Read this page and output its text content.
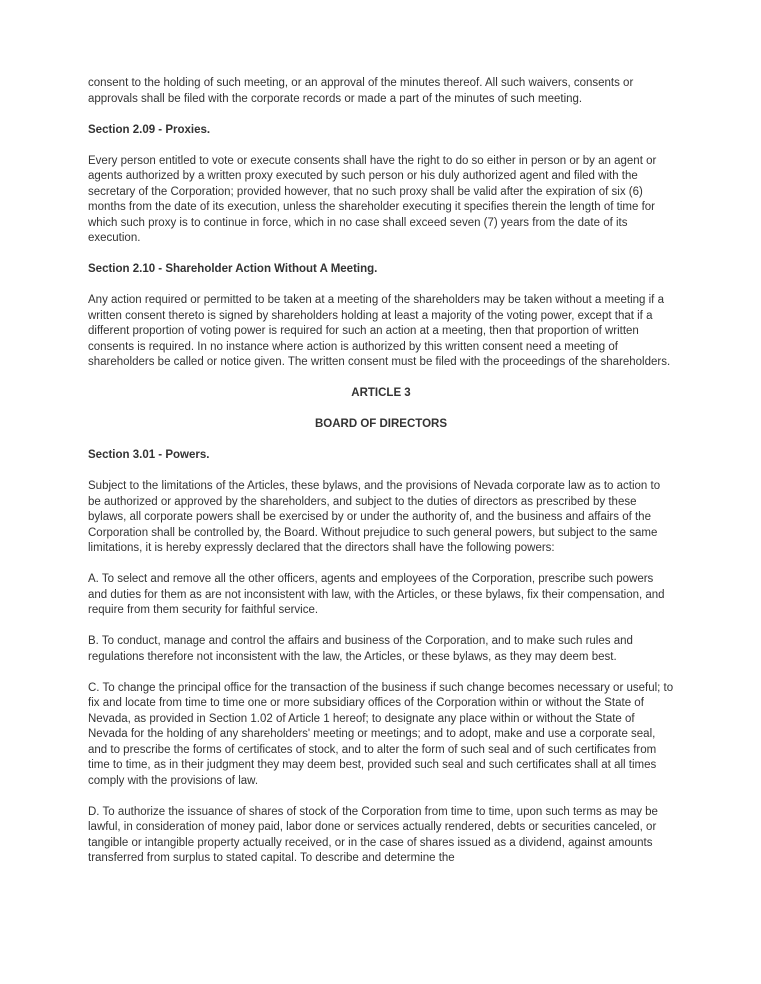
consent to the holding of such meeting, or an approval of the minutes thereof. All such waivers, consents or approvals shall be filed with the corporate records or made a part of the minutes of such meeting.
Section 2.09 - Proxies.
Every person entitled to vote or execute consents shall have the right to do so either in person or by an agent or agents authorized by a written proxy executed by such person or his duly authorized agent and filed with the secretary of the Corporation; provided however, that no such proxy shall be valid after the expiration of six (6) months from the date of its execution, unless the shareholder executing it specifies therein the length of time for which such proxy is to continue in force, which in no case shall exceed seven (7) years from the date of its execution.
Section 2.10 - Shareholder Action Without A Meeting.
Any action required or permitted to be taken at a meeting of the shareholders may be taken without a meeting if a written consent thereto is signed by shareholders holding at least a majority of the voting power, except that if a different proportion of voting power is required for such an action at a meeting, then that proportion of written consents is required. In no instance where action is authorized by this written consent need a meeting of shareholders be called or notice given. The written consent must be filed with the proceedings of the shareholders.
ARTICLE 3
BOARD OF DIRECTORS
Section 3.01 - Powers.
Subject to the limitations of the Articles, these bylaws, and the provisions of Nevada corporate law as to action to be authorized or approved by the shareholders, and subject to the duties of directors as prescribed by these bylaws, all corporate powers shall be exercised by or under the authority of, and the business and affairs of the Corporation shall be controlled by, the Board. Without prejudice to such general powers, but subject to the same limitations, it is hereby expressly declared that the directors shall have the following powers:
A. To select and remove all the other officers, agents and employees of the Corporation, prescribe such powers and duties for them as are not inconsistent with law, with the Articles, or these bylaws, fix their compensation, and require from them security for faithful service.
B. To conduct, manage and control the affairs and business of the Corporation, and to make such rules and regulations therefore not inconsistent with the law, the Articles, or these bylaws, as they may deem best.
C. To change the principal office for the transaction of the business if such change becomes necessary or useful; to fix and locate from time to time one or more subsidiary offices of the Corporation within or without the State of Nevada, as provided in Section 1.02 of Article 1 hereof; to designate any place within or without the State of Nevada for the holding of any shareholders' meeting or meetings; and to adopt, make and use a corporate seal, and to prescribe the forms of certificates of stock, and to alter the form of such seal and of such certificates from time to time, as in their judgment they may deem best, provided such seal and such certificates shall at all times comply with the provisions of law.
D. To authorize the issuance of shares of stock of the Corporation from time to time, upon such terms as may be lawful, in consideration of money paid, labor done or services actually rendered, debts or securities canceled, or tangible or intangible property actually received, or in the case of shares issued as a dividend, against amounts transferred from surplus to stated capital. To describe and determine the
